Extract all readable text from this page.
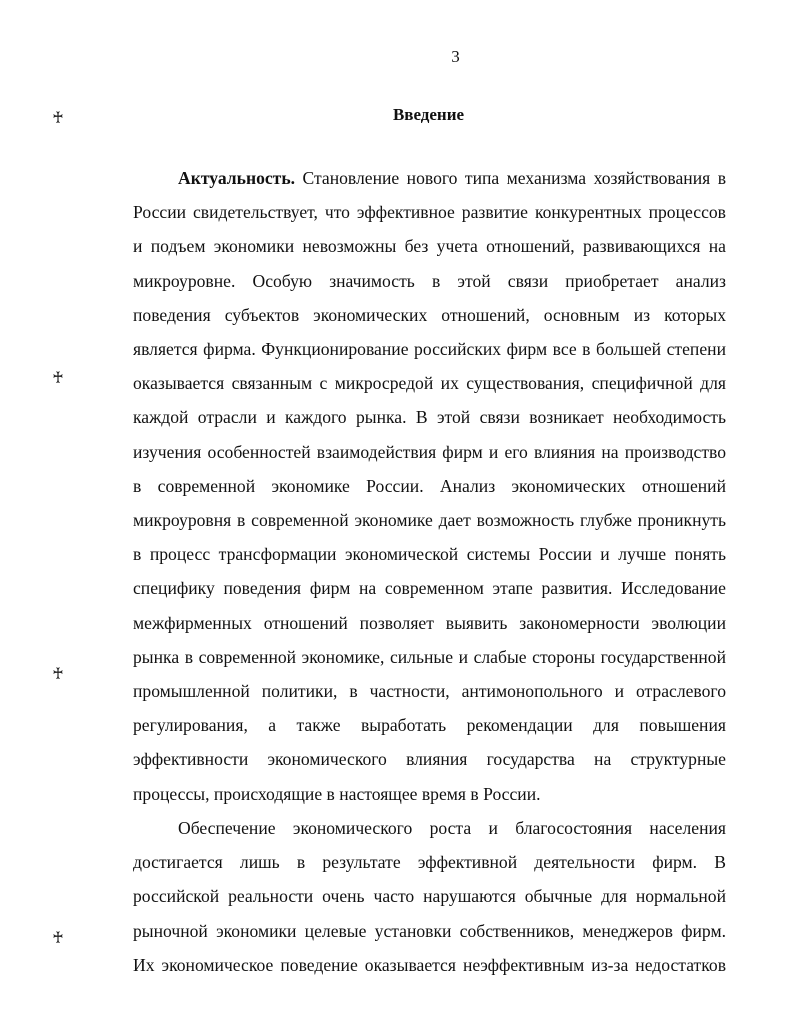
3
Введение
♰
♰
♰
♰
Актуальность. Становление нового типа механизма хозяйствования в
России свидетельствует, что эффективное развитие конкурентных процессов
и подъем экономики невозможны без учета отношений, развивающихся на
микроуровне. Особую значимость в этой связи приобретает анализ
поведения субъектов экономических отношений, основным из которых
является фирма. Функционирование российских фирм все в большей степени
оказывается связанным с микросредой их существования, специфичной для
каждой отрасли и каждого рынка. В этой связи возникает необходимость
изучения особенностей взаимодействия фирм и его влияния на производство
в современной экономике России. Анализ экономических отношений
микроуровня в современной экономике дает возможность глубже проникнуть
в процесс трансформации экономической системы России и лучше понять
специфику поведения фирм на современном этапе развития. Исследование
межфирменных отношений позволяет выявить закономерности эволюции
рынка в современной экономике, сильные и слабые стороны государственной
промышленной политики, в частности, антимонопольного и отраслевого
регулирования, а также выработать рекомендации для повышения
эффективности экономического влияния государства на структурные
процессы, происходящие в настоящее время в России.
Обеспечение экономического роста и благосостояния населения
достигается лишь в результате эффективной деятельности фирм. В
российской реальности очень часто нарушаются обычные для нормальной
рыночной экономики целевые установки собственников, менеджеров фирм.
Их экономическое поведение оказывается неэффективным из-за недостатков
